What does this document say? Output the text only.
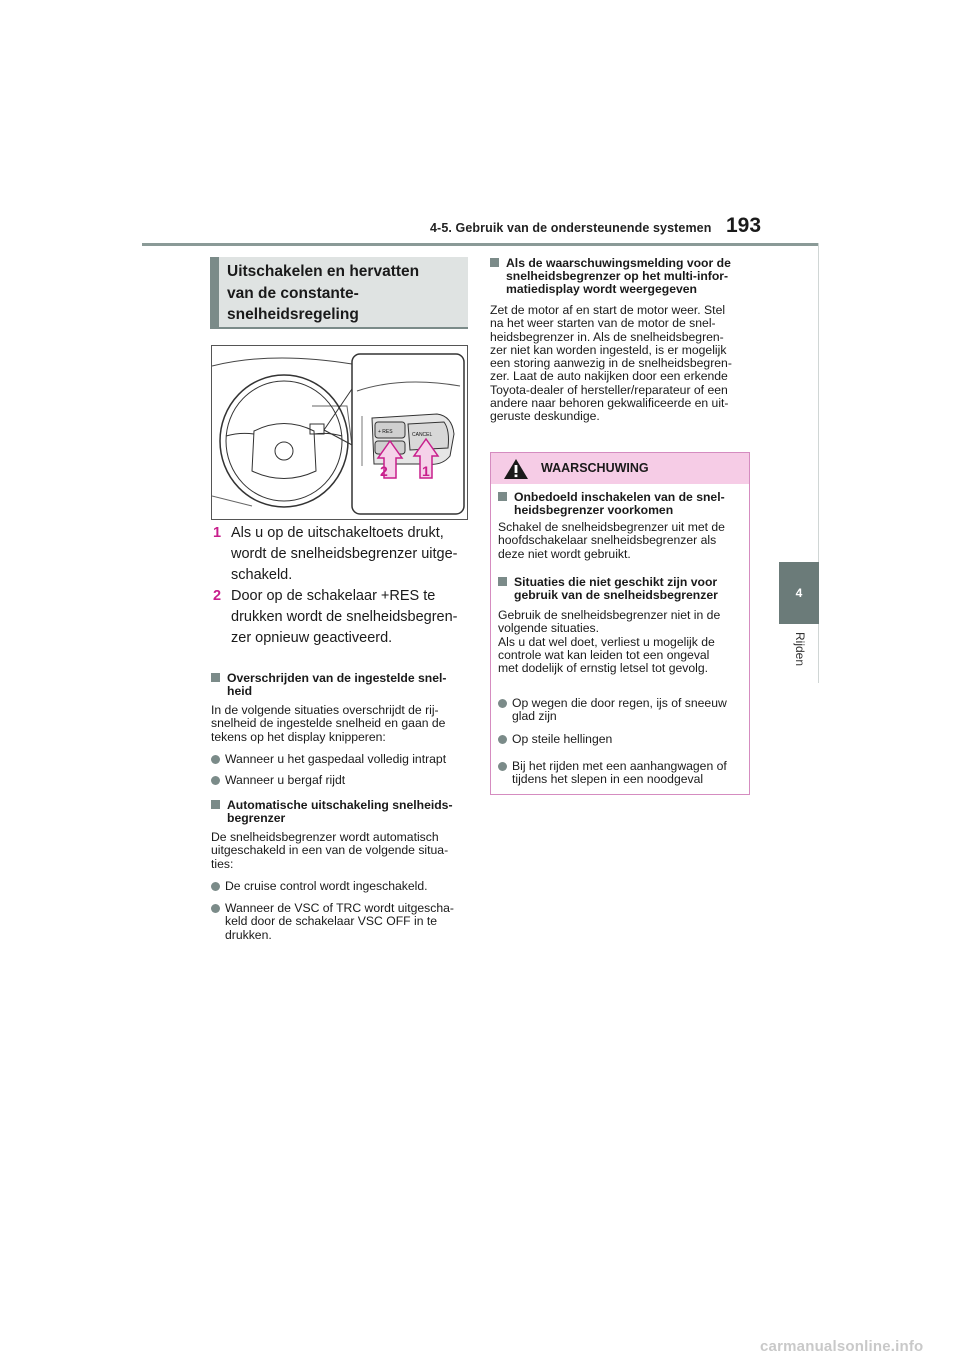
4-5. Gebruik van de ondersteunende systemen 193
4
Rijden
Uitschakelen en hervatten
van de constante-
snelheidsregeling
+ RES	CANCEL
2 1
1 Als u op de uitschakeltoets drukt,
wordt de snelheidsbegrenzer uitge-
schakeld.
2 Door op de schakelaar +RES te
drukken wordt de snelheidsbegren-
zer opnieuw geactiveerd.
Overschrijden van de ingestelde snel-
heid
In de volgende situaties overschrijdt de rij-
snelheid de ingestelde snelheid en gaan de
tekens op het display knipperen:
Wanneer u het gaspedaal volledig intrapt
Wanneer u bergaf rijdt
Automatische uitschakeling snelheids-
begrenzer
De snelheidsbegrenzer wordt automatisch
uitgeschakeld in een van de volgende situa-
ties:
De cruise control wordt ingeschakeld.
Wanneer de VSC of TRC wordt uitgescha-
keld door de schakelaar VSC OFF in te
drukken.
Als de waarschuwingsmelding voor de
snelheidsbegrenzer op het multi-infor-
matiedisplay wordt weergegeven
Zet de motor af en start de motor weer. Stel
na het weer starten van de motor de snel-
heidsbegrenzer in. Als de snelheidsbegren-
zer niet kan worden ingesteld, is er mogelijk
een storing aanwezig in de snelheidsbegren-
zer. Laat de auto nakijken door een erkende
Toyota-dealer of hersteller/reparateur of een
andere naar behoren gekwalificeerde en uit-
geruste deskundige.
WAARSCHUWING
Onbedoeld inschakelen van de snel-
heidsbegrenzer voorkomen
Schakel de snelheidsbegrenzer uit met de
hoofdschakelaar snelheidsbegrenzer als
deze niet wordt gebruikt.
Situaties die niet geschikt zijn voor
gebruik van de snelheidsbegrenzer
Gebruik de snelheidsbegrenzer niet in de
volgende situaties.
Als u dat wel doet, verliest u mogelijk de
controle wat kan leiden tot een ongeval
met dodelijk of ernstig letsel tot gevolg.
Op wegen die door regen, ijs of sneeuw
glad zijn
Op steile hellingen
Bij het rijden met een aanhangwagen of
tijdens het slepen in een noodgeval
carmanualsonline.info
